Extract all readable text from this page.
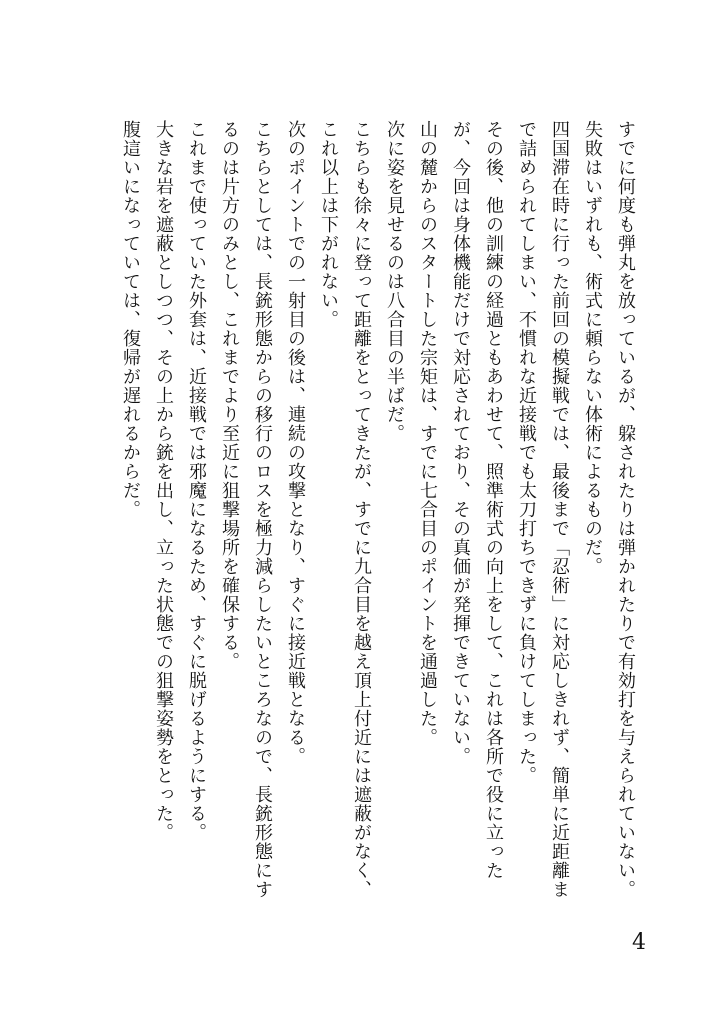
すでに何度も弾丸を放っているが、躱されたりは弾かれたりで有効打を与えられていない。

失敗はいずれも、術式に頼らない体術によるものだ。

四国滞在時に行った前回の模擬戦では、最後まで「忍術」に対応しきれず、簡単に近距離まで詰められてしまい、不慣れな近接戦でも太刀打ちできずに負けてしまった。

その後、他の訓練の経過ともあわせて、照準術式の向上をして、これは各所で役に立ったが、今回は身体機能だけで対応されており、その真価が発揮できていない。

山の麓からのスタートした宗矩は、すでに七合目のポイントを通過した。

次に姿を見せるのは八合目の半ばだ。

こちらも徐々に登って距離をとってきたが、すでに九合目を越え頂上付近には遮蔽がなく、これ以上は下がれない。

次のポイントでの一射目の後は、連続の攻撃となり、すぐに接近戦となる。

こちらとしては、長銃形態からの移行のロスを極力減らしたいところなので、長銃形態にするのは片方のみとし、これまでより至近に狙撃場所を確保する。

これまで使っていた外套は、近接戦では邪魔になるため、すぐに脱げるようにする。

大きな岩を遮蔽としつつ、その上から銃を出し、立った状態での狙撃姿勢をとった。

腹這いになっていては、復帰が遅れるからだ。

4
